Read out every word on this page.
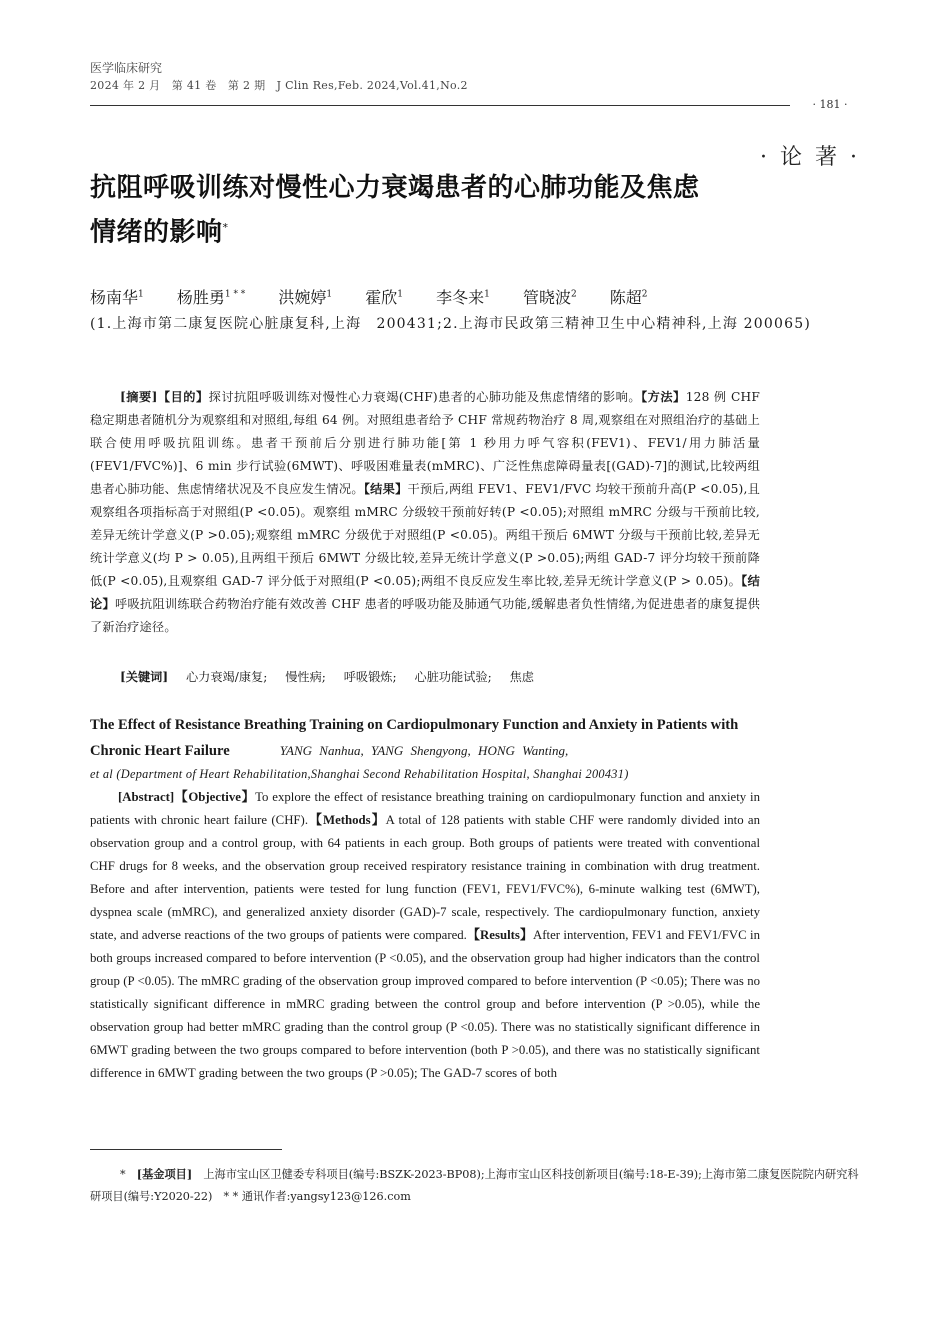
医学临床研究
2024 年 2 月　第 41 卷　第 2 期　J Clin Res,Feb. 2024,Vol.41,No.2
· 181 ·
· 论 著 ·
抗阻呼吸训练对慢性心力衰竭患者的心肺功能及焦虑
情绪的影响*
杨南华$^1$ 杨胜勇$^{1 * *}$ 洪婉婷$^1$ 霍欣$^1$ 李冬来$^1$ 管晓波$^2$ 陈超$^2$
(1.上海市第二康复医院心脏康复科,上海　200431;2.上海市民政第三精神卫生中心精神科,上海 200065)
[摘要]【目的】探讨抗阻呼吸训练对慢性心力衰竭(CHF)患者的心肺功能及焦虑情绪的影响。【方法】128 例 CHF 稳定期患者随机分为观察组和对照组,每组 64 例。对照组患者给予 CHF 常规药物治疗 8 周,观察组在对照组治疗的基础上联合使用呼吸抗阻训练。患者干预前后分别进行肺功能[第 1 秒用力呼气容积(FEV1)、FEV1/用力肺活量(FEV1/FVC%)]、6 min 步行试验(6MWT)、呼吸困难量表(mMRC)、广泛性焦虑障碍量表[(GAD)-7]的测试,比较两组患者心肺功能、焦虑情绪状况及不良应发生情况。【结果】干预后,两组 FEV1、FEV1/FVC 均较干预前升高(P <0.05),且观察组各项指标高于对照组(P <0.05)。观察组 mMRC 分级较干预前好转(P <0.05);对照组 mMRC 分级与干预前比较,差异无统计学意义(P >0.05);观察组 mMRC 分级优于对照组(P <0.05)。两组干预后 6MWT 分级与干预前比较,差异无统计学意义(均 P > 0.05),且两组干预后 6MWT 分级比较,差异无统计学意义(P >0.05);两组 GAD-7 评分均较干预前降低(P <0.05),且观察组 GAD-7 评分低于对照组(P <0.05);两组不良反应发生率比较,差异无统计学意义(P > 0.05)。【结论】呼吸抗阻训练联合药物治疗能有效改善 CHF 患者的呼吸功能及肺通气功能,缓解患者负性情绪,为促进患者的康复提供了新治疗途径。
[关键词] 心力衰竭/康复; 慢性病; 呼吸锻炼; 心脏功能试验; 焦虑
The Effect of Resistance Breathing Training on Cardiopulmonary Function and Anxiety in Patients with Chronic Heart Failure	YANG Nanhua, YANG Shengyong, HONG Wanting,
et al (Department of Heart Rehabilitation,Shanghai Second Rehabilitation Hospital, Shanghai 200431)
[Abstract]【Objective】To explore the effect of resistance breathing training on cardiopulmonary function and anxiety in patients with chronic heart failure (CHF).【Methods】A total of 128 patients with stable CHF were randomly divided into an observation group and a control group, with 64 patients in each group. Both groups of patients were treated with conventional CHF drugs for 8 weeks, and the observation group received respiratory resistance training in combination with drug treatment. Before and after intervention, patients were tested for lung function (FEV1, FEV1/FVC%), 6-minute walking test (6MWT), dyspnea scale (mMRC), and generalized anxiety disorder (GAD)-7 scale, respectively. The cardiopulmonary function, anxiety state, and adverse reactions of the two groups of patients were compared.【Results】After intervention, FEV1 and FEV1/FVC in both groups increased compared to before intervention (P <0.05), and the observation group had higher indicators than the control group (P <0.05). The mMRC grading of the observation group improved compared to before intervention (P <0.05); There was no statistically significant difference in mMRC grading between the control group and before intervention (P >0.05), while the observation group had better mMRC grading than the control group (P <0.05). There was no statistically significant difference in 6MWT grading between the two groups compared to before intervention (both P >0.05), and there was no statistically significant difference in 6MWT grading between the two groups (P >0.05); The GAD-7 scores of both
*　 [基金项目]　 上海市宝山区卫健委专科项目(编号:BSZK-2023-BP08);上海市宝山区科技创新项目(编号:18-E-39);上海市第二康复医院院内研究科研项目(编号:Y2020-22)　 * * 通讯作者:yangsy123@126.com
